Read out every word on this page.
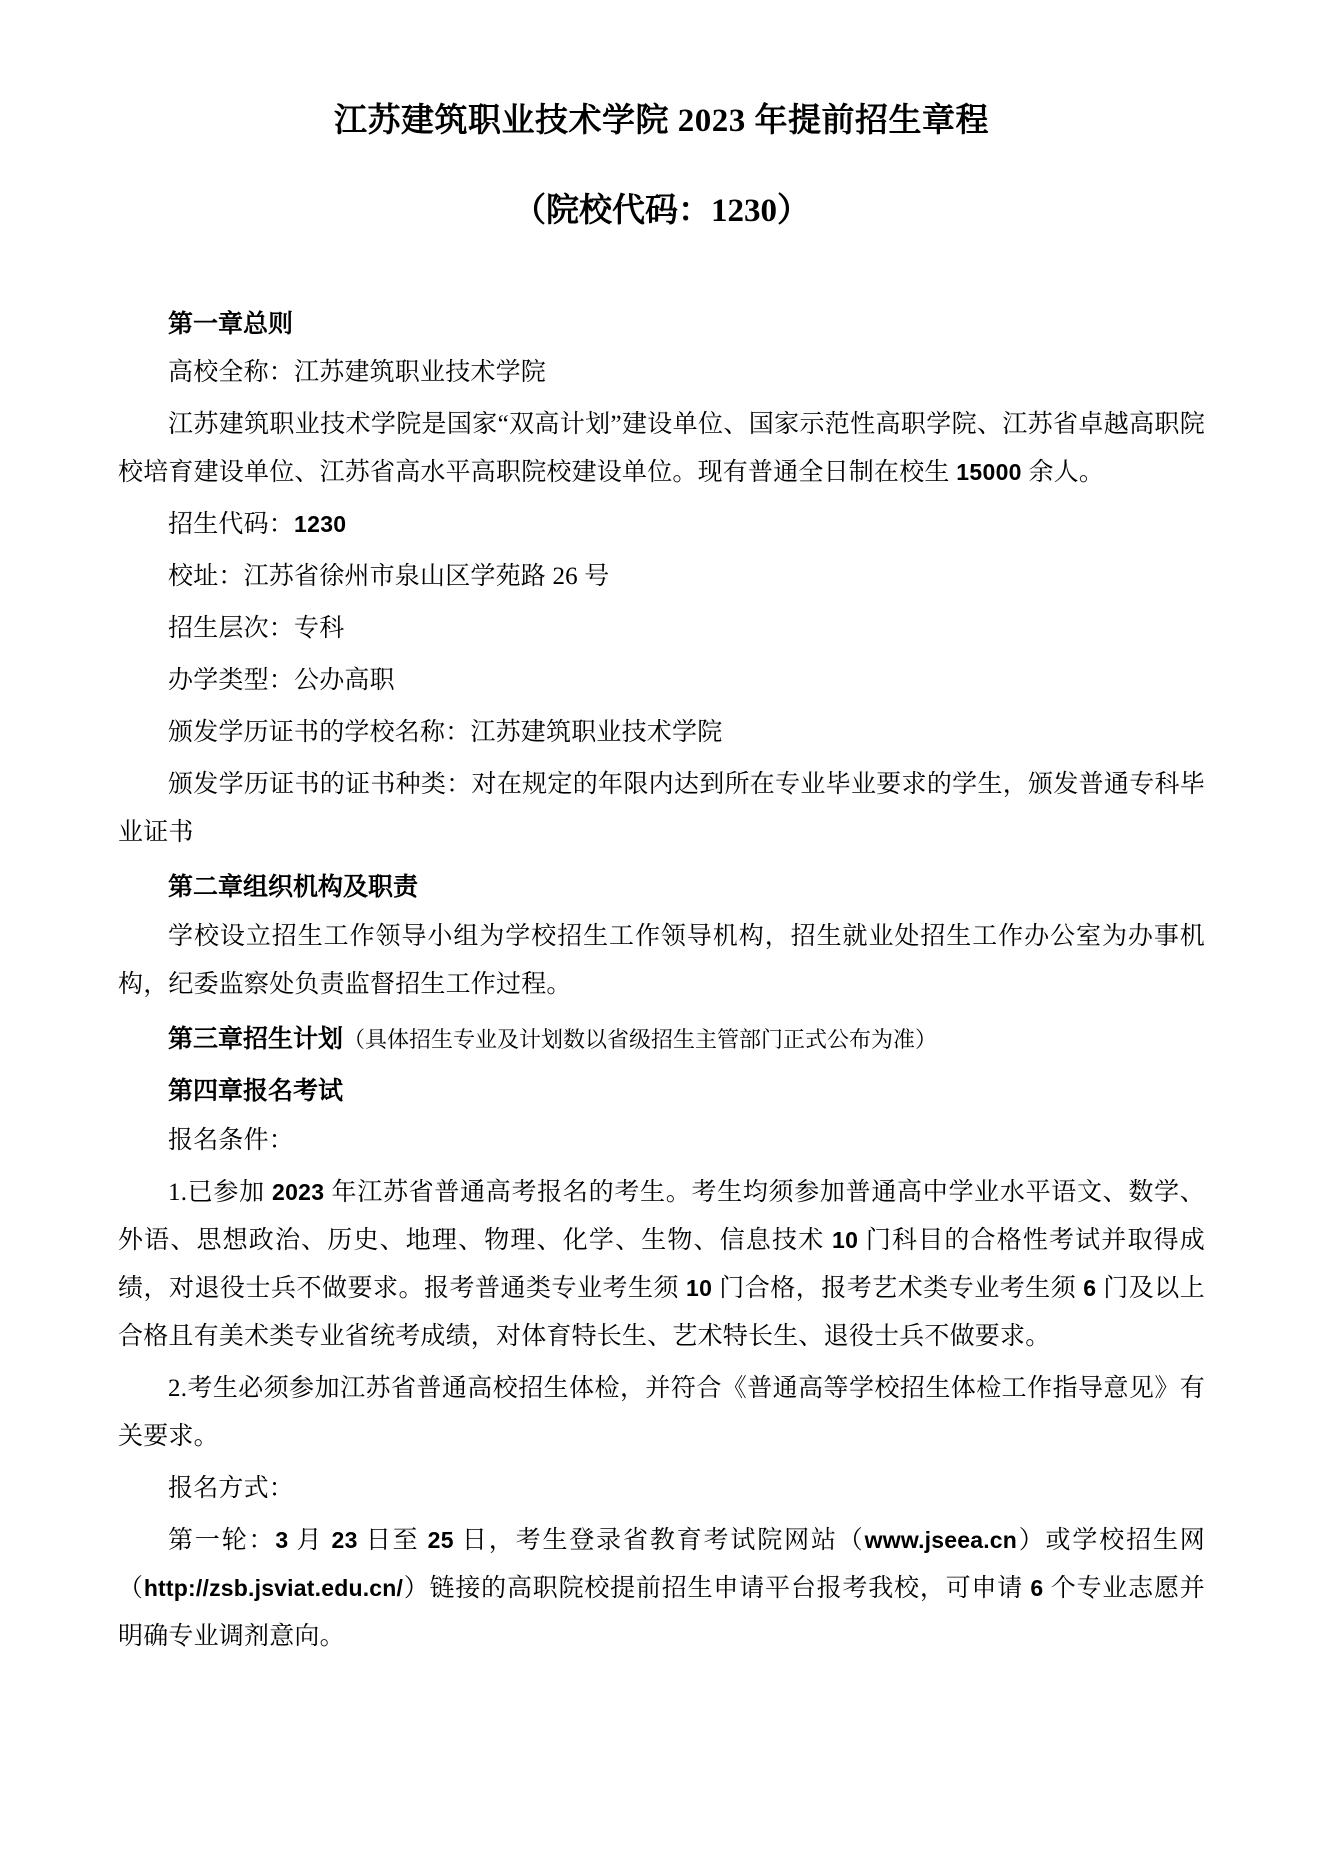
江苏建筑职业技术学院 2023 年提前招生章程
（院校代码：1230）
第一章总则

高校全称：江苏建筑职业技术学院

江苏建筑职业技术学院是国家“双高计划”建设单位、国家示范性高职学院、江苏省卓越高职院校培育建设单位、江苏省高水平高职院校建设单位。现有普通全日制在校生 15000 余人。

招生代码：1230

校址：江苏省徐州市泉山区学苑路 26 号

招生层次：专科

办学类型：公办高职

颁发学历证书的学校名称：江苏建筑职业技术学院

颁发学历证书的证书种类：对在规定的年限内达到所在专业毕业要求的学生，颁发普通专科毕业证书

第二章组织机构及职责

学校设立招生工作领导小组为学校招生工作领导机构，招生就业处招生工作办公室为办事机构，纪委监察处负责监督招生工作过程。

第三章招生计划（具体招生专业及计划数以省级招生主管部门正式公布为准）
第四章报名考试

报名条件：

1.已参加 2023 年江苏省普通高考报名的考生。考生均须参加普通高中学业水平语文、数学、外语、思想政治、历史、地理、物理、化学、生物、信息技术 10 门科目的合格性考试并取得成绩，对退役士兵不做要求。报考普通类专业考生须 10 门合格，报考艺术类专业考生须 6 门及以上合格且有美术类专业省统考成绩，对体育特长生、艺术特长生、退役士兵不做要求。

2.考生必须参加江苏省普通高校招生体检，并符合《普通高等学校招生体检工作指导意见》有关要求。

报名方式：

第一轮：3 月 23 日至 25 日，考生登录省教育考试院网站（www.jseea.cn）或学校招生网（http://zsb.jsviat.edu.cn/）链接的高职院校提前招生申请平台报考我校，可申请 6 个专业志愿并明确专业调剂意向。
